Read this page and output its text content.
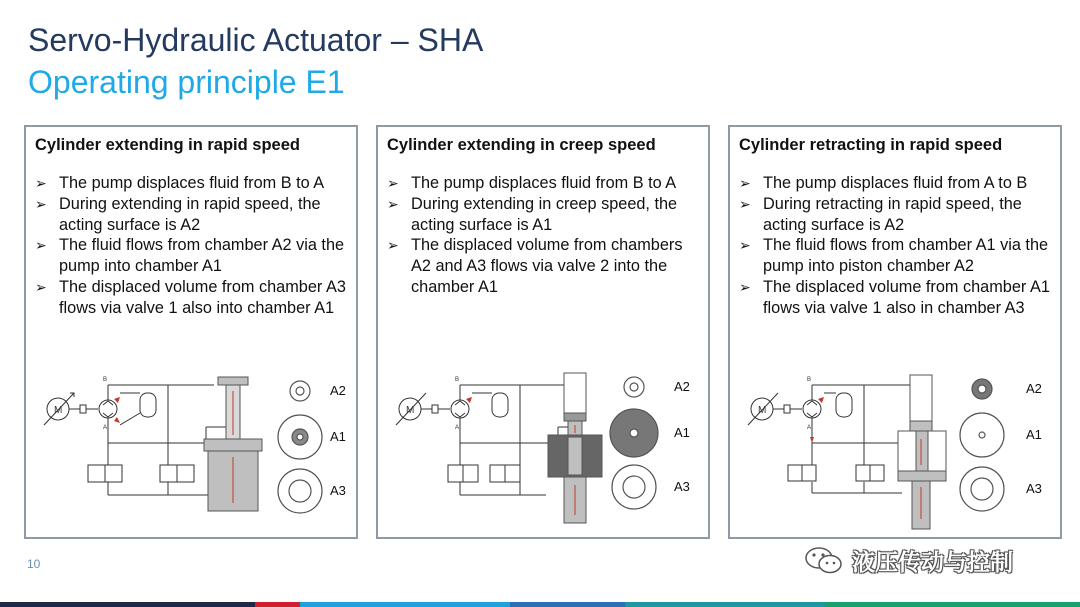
Servo-Hydraulic Actuator – SHA
Operating principle E1
Cylinder extending in rapid speed
➢ The pump displaces fluid from B to A
➢ During extending in rapid speed, the acting surface is A2
➢ The fluid flows from chamber A2 via the pump into chamber A1
➢ The displaced volume from chamber A3 flows via valve 1 also into chamber A1
B
A
M
A2
A1
A3
Cylinder extending in creep speed
➢ The pump displaces fluid from B to A
➢ During extending in creep speed, the acting surface is A1
➢ The displaced volume from chambers A2 and A3 flows via valve 2 into the chamber A1
B
A
M
A2
A1
A3
Cylinder retracting in rapid speed
➢ The pump displaces fluid from A to B
➢ During retracting in rapid speed, the acting surface is A2
➢ The fluid flows from chamber A1 via the pump into piston chamber A2
➢ The displaced volume from chamber A1 flows via valve 1 also in chamber A3
B
A
M
A2
A1
A3
10	液压传动与控制
